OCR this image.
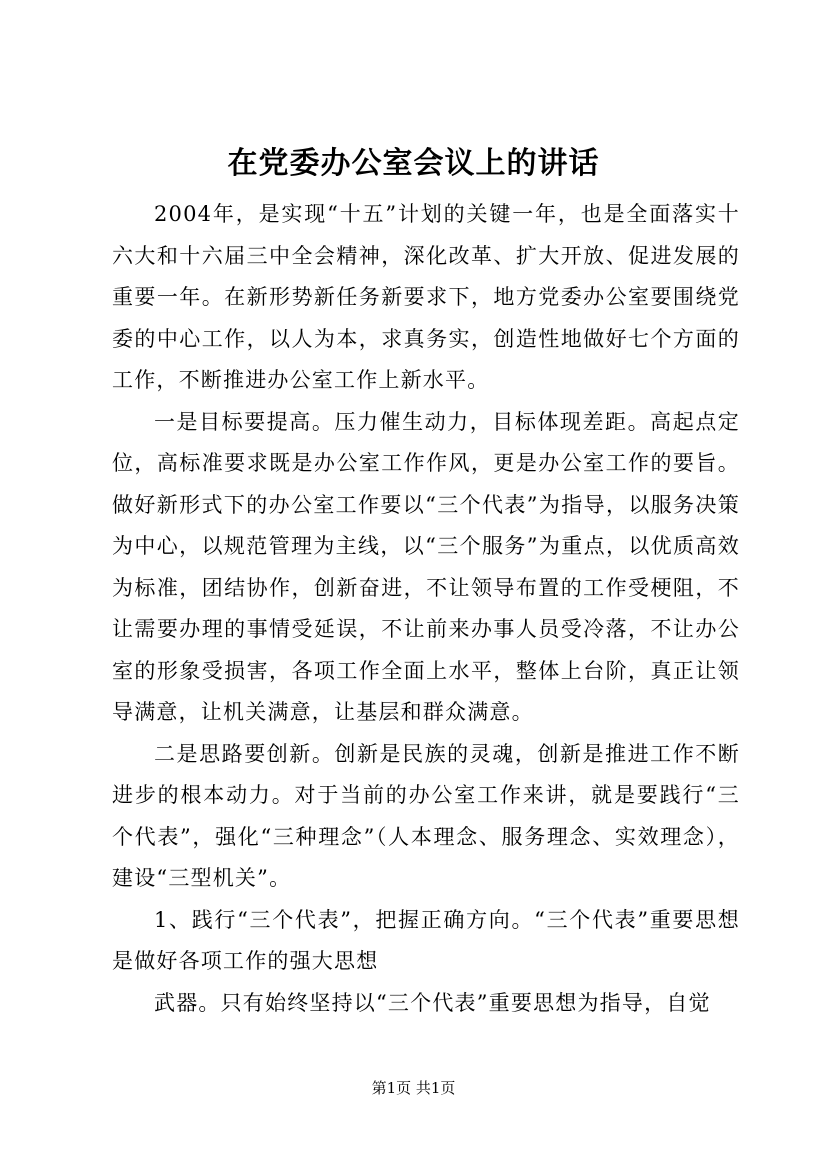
在党委办公室会议上的讲话

2004年，是实现“十五”计划的关键一年，也是全面落实十六大和十六届三中全会精神，深化改革、扩大开放、促进发展的重要一年。在新形势新任务新要求下，地方党委办公室要围绕党委的中心工作，以人为本，求真务实，创造性地做好七个方面的工作，不断推进办公室工作上新水平。

一是目标要提高。压力催生动力，目标体现差距。高起点定位，高标准要求既是办公室工作作风，更是办公室工作的要旨。做好新形式下的办公室工作要以“三个代表”为指导，以服务决策为中心，以规范管理为主线，以“三个服务”为重点，以优质高效为标准，团结协作，创新奋进，不让领导布置的工作受梗阻，不让需要办理的事情受延误，不让前来办事人员受冷落，不让办公室的形象受损害，各项工作全面上水平，整体上台阶，真正让领导满意，让机关满意，让基层和群众满意。

二是思路要创新。创新是民族的灵魂，创新是推进工作不断进步的根本动力。对于当前的办公室工作来讲，就是要践行“三个代表”，强化“三种理念”（人本理念、服务理念、实效理念），建设“三型机关”。

1、践行“三个代表”，把握正确方向。“三个代表”重要思想是做好各项工作的强大思想

武器。只有始终坚持以“三个代表”重要思想为指导，自觉

第1页 共1页
